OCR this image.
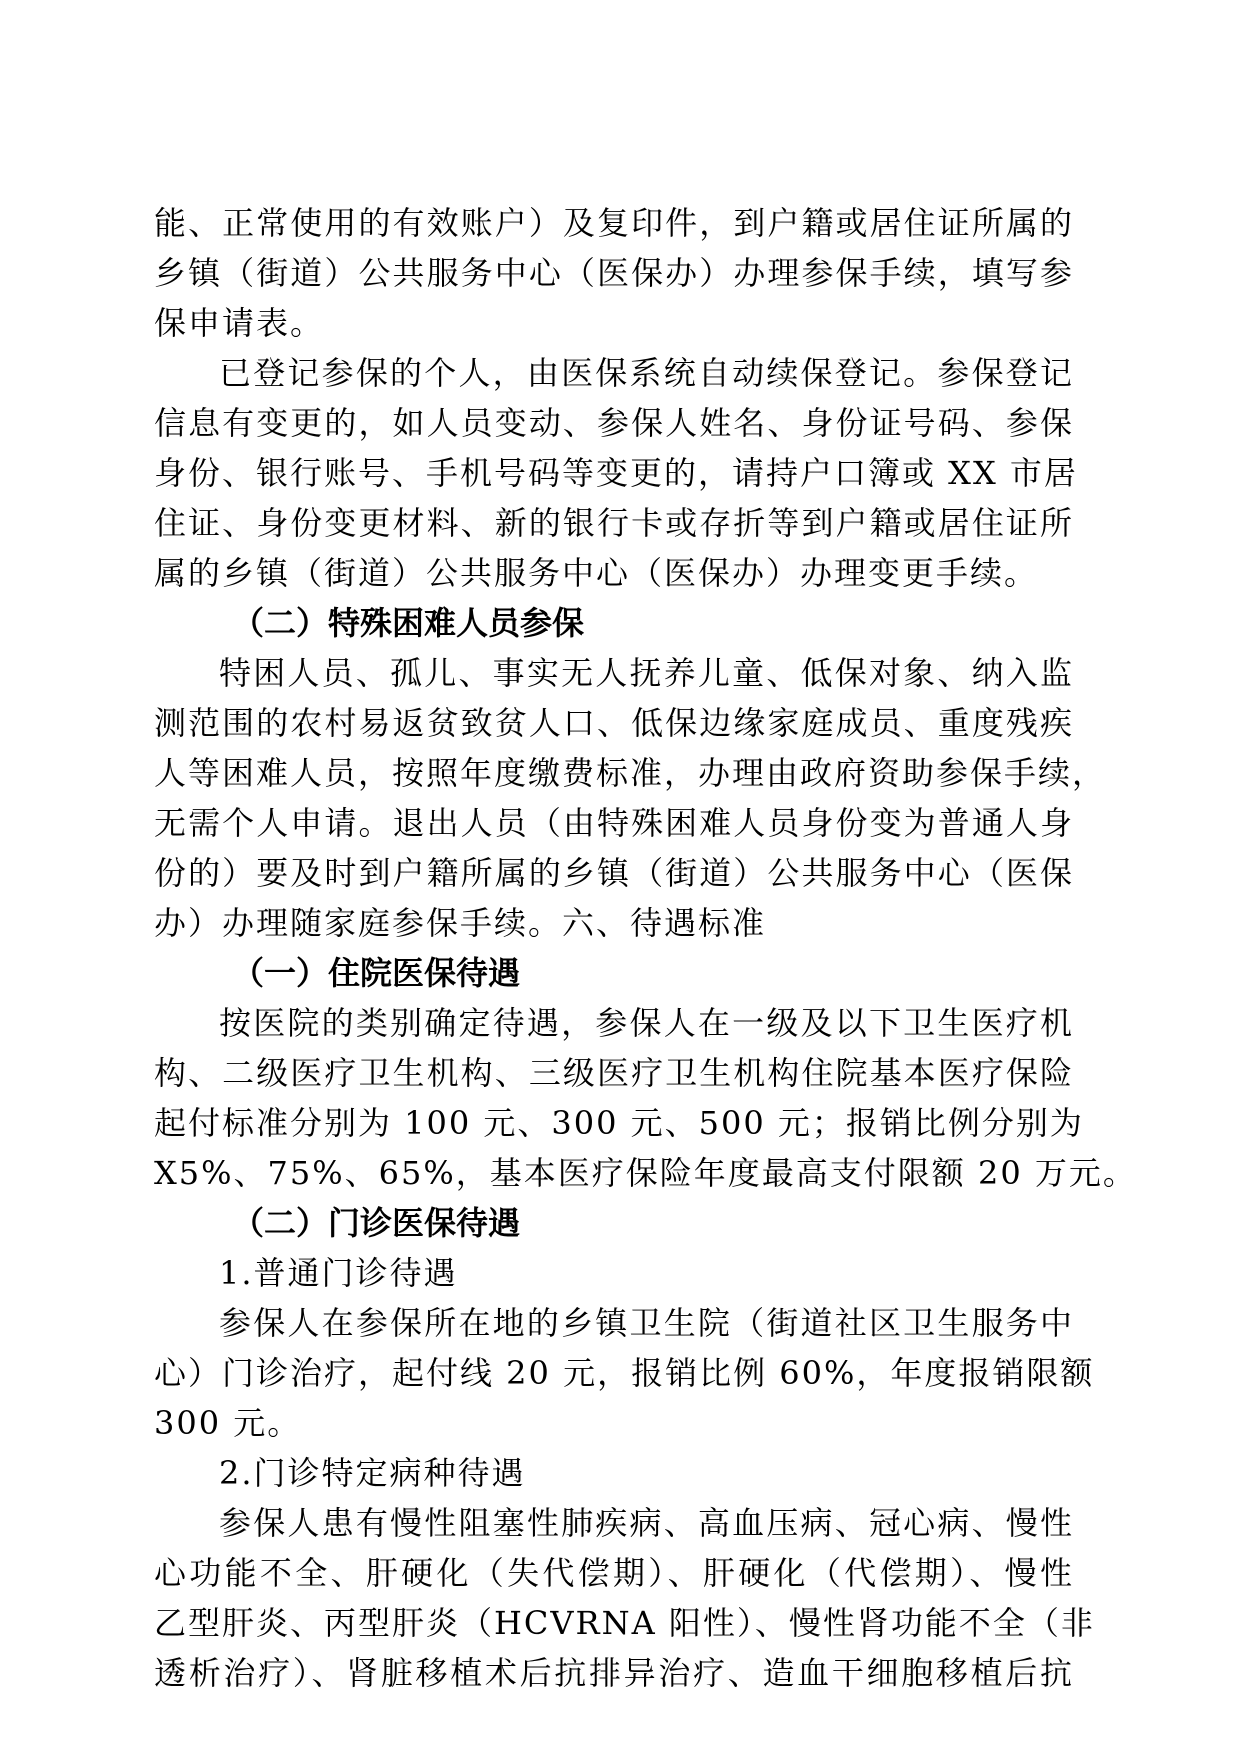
能、正常使用的有效账户）及复印件，到户籍或居住证所属的
乡镇（街道）公共服务中心（医保办）办理参保手续，填写参
保申请表。
已登记参保的个人，由医保系统自动续保登记。参保登记
信息有变更的，如人员变动、参保人姓名、身份证号码、参保
身份、银行账号、手机号码等变更的，请持户口簿或 XX 市居
住证、身份变更材料、新的银行卡或存折等到户籍或居住证所
属的乡镇（街道）公共服务中心（医保办）办理变更手续。
（二）特殊困难人员参保
特困人员、孤儿、事实无人抚养儿童、低保对象、纳入监
测范围的农村易返贫致贫人口、低保边缘家庭成员、重度残疾
人等困难人员，按照年度缴费标准，办理由政府资助参保手续，
无需个人申请。退出人员（由特殊困难人员身份变为普通人身
份的）要及时到户籍所属的乡镇（街道）公共服务中心（医保
办）办理随家庭参保手续。六、待遇标准
（一）住院医保待遇
按医院的类别确定待遇，参保人在一级及以下卫生医疗机
构、二级医疗卫生机构、三级医疗卫生机构住院基本医疗保险
起付标准分别为 100 元、300 元、500 元；报销比例分别为
X5%、75%、65%，基本医疗保险年度最高支付限额 20 万元。
（二）门诊医保待遇
1.普通门诊待遇
参保人在参保所在地的乡镇卫生院（街道社区卫生服务中
心）门诊治疗，起付线 20 元，报销比例 60%，年度报销限额
300 元。
2.门诊特定病种待遇
参保人患有慢性阻塞性肺疾病、高血压病、冠心病、慢性
心功能不全、肝硬化（失代偿期）、肝硬化（代偿期）、慢性
乙型肝炎、丙型肝炎（HCVRNA 阳性）、慢性肾功能不全（非
透析治疗）、肾脏移植术后抗排异治疗、造血干细胞移植后抗
